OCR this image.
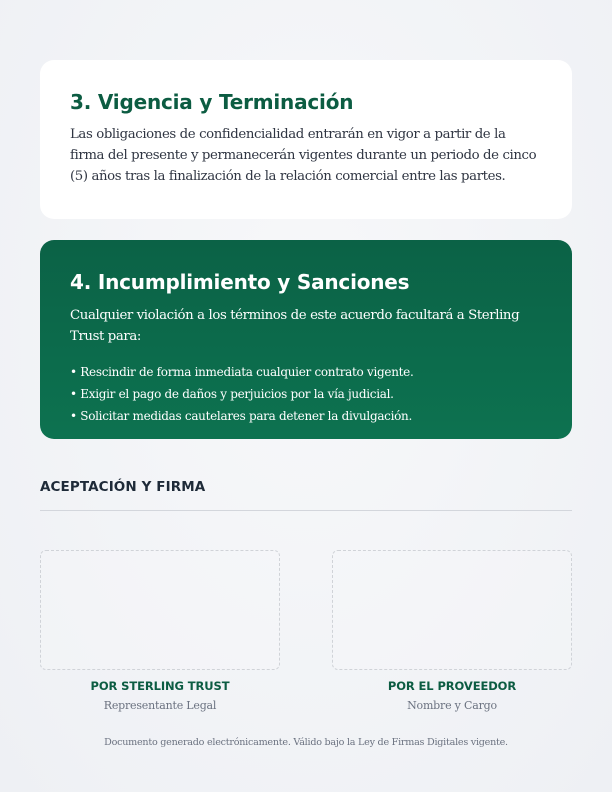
3. Vigencia y Terminación

Las obligaciones de confidencialidad entrarán en vigor a partir de la firma del presente y permanecerán vigentes durante un periodo de cinco (5) años tras la finalización de la relación comercial entre las partes.

4. Incumplimiento y Sanciones

Cualquier violación a los términos de este acuerdo facultará a Sterling Trust para:

• Rescindir de forma inmediata cualquier contrato vigente.
• Exigir el pago de daños y perjuicios por la vía judicial.
• Solicitar medidas cautelares para detener la divulgación.
ACEPTACIÓN Y FIRMA
POR STERLING TRUST
Representante Legal
POR EL PROVEEDOR
Nombre y Cargo
Documento generado electrónicamente. Válido bajo la Ley de Firmas Digitales vigente.
